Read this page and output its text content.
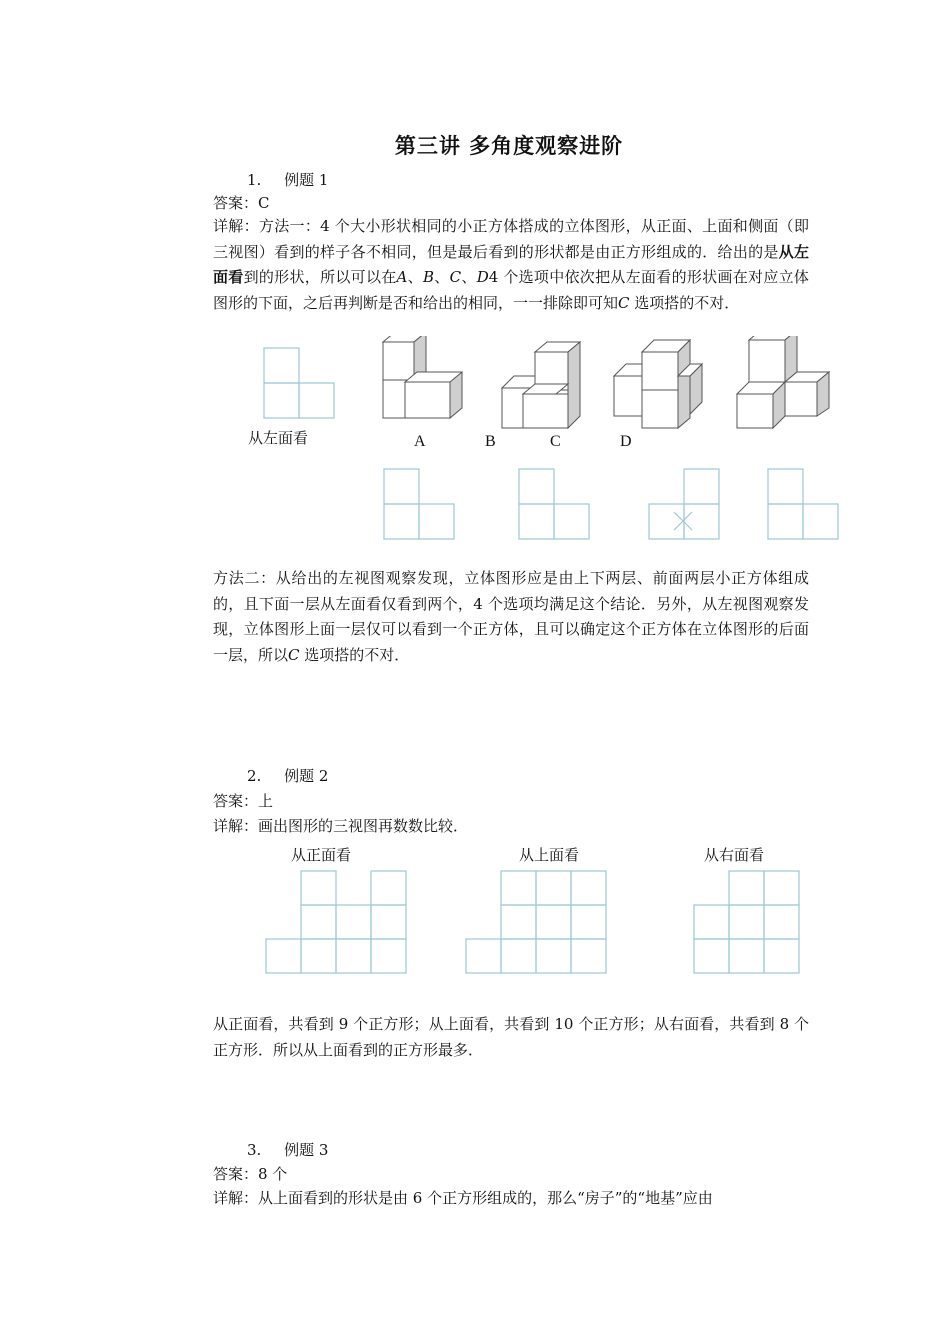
第三讲 多角度观察进阶
1. 例题 1
答案：C
详解：方法一：4 个大小形状相同的小正方体搭成的立体图形，从正面、上面和侧面（即三视图）看到的样子各不相同，但是最后看到的形状都是由正方形组成的．给出的是从左面看到的形状，所以可以在A、B、C、D4 个选项中依次把从左面看的形状画在对应立体图形的下面，之后再判断是否和给出的相同，一一排除即可知C 选项搭的不对．
从左面看	A	B	C	D
方法二：从给出的左视图观察发现，立体图形应是由上下两层、前面两层小正方体组成的，且下面一层从左面看仅看到两个，4 个选项均满足这个结论．另外，从左视图观察发现，立体图形上面一层仅可以看到一个正方体，且可以确定这个正方体在立体图形的后面一层，所以C 选项搭的不对．
2. 例题 2
答案：上
详解：画出图形的三视图再数数比较．
从正面看	从上面看	从右面看
从正面看，共看到 9 个正方形；从上面看，共看到 10 个正方形；从右面看，共看到 8 个正方形．所以从上面看到的正方形最多．
3. 例题 3
答案：8 个
详解：从上面看到的形状是由 6 个正方形组成的，那么“房子”的“地基”应由
